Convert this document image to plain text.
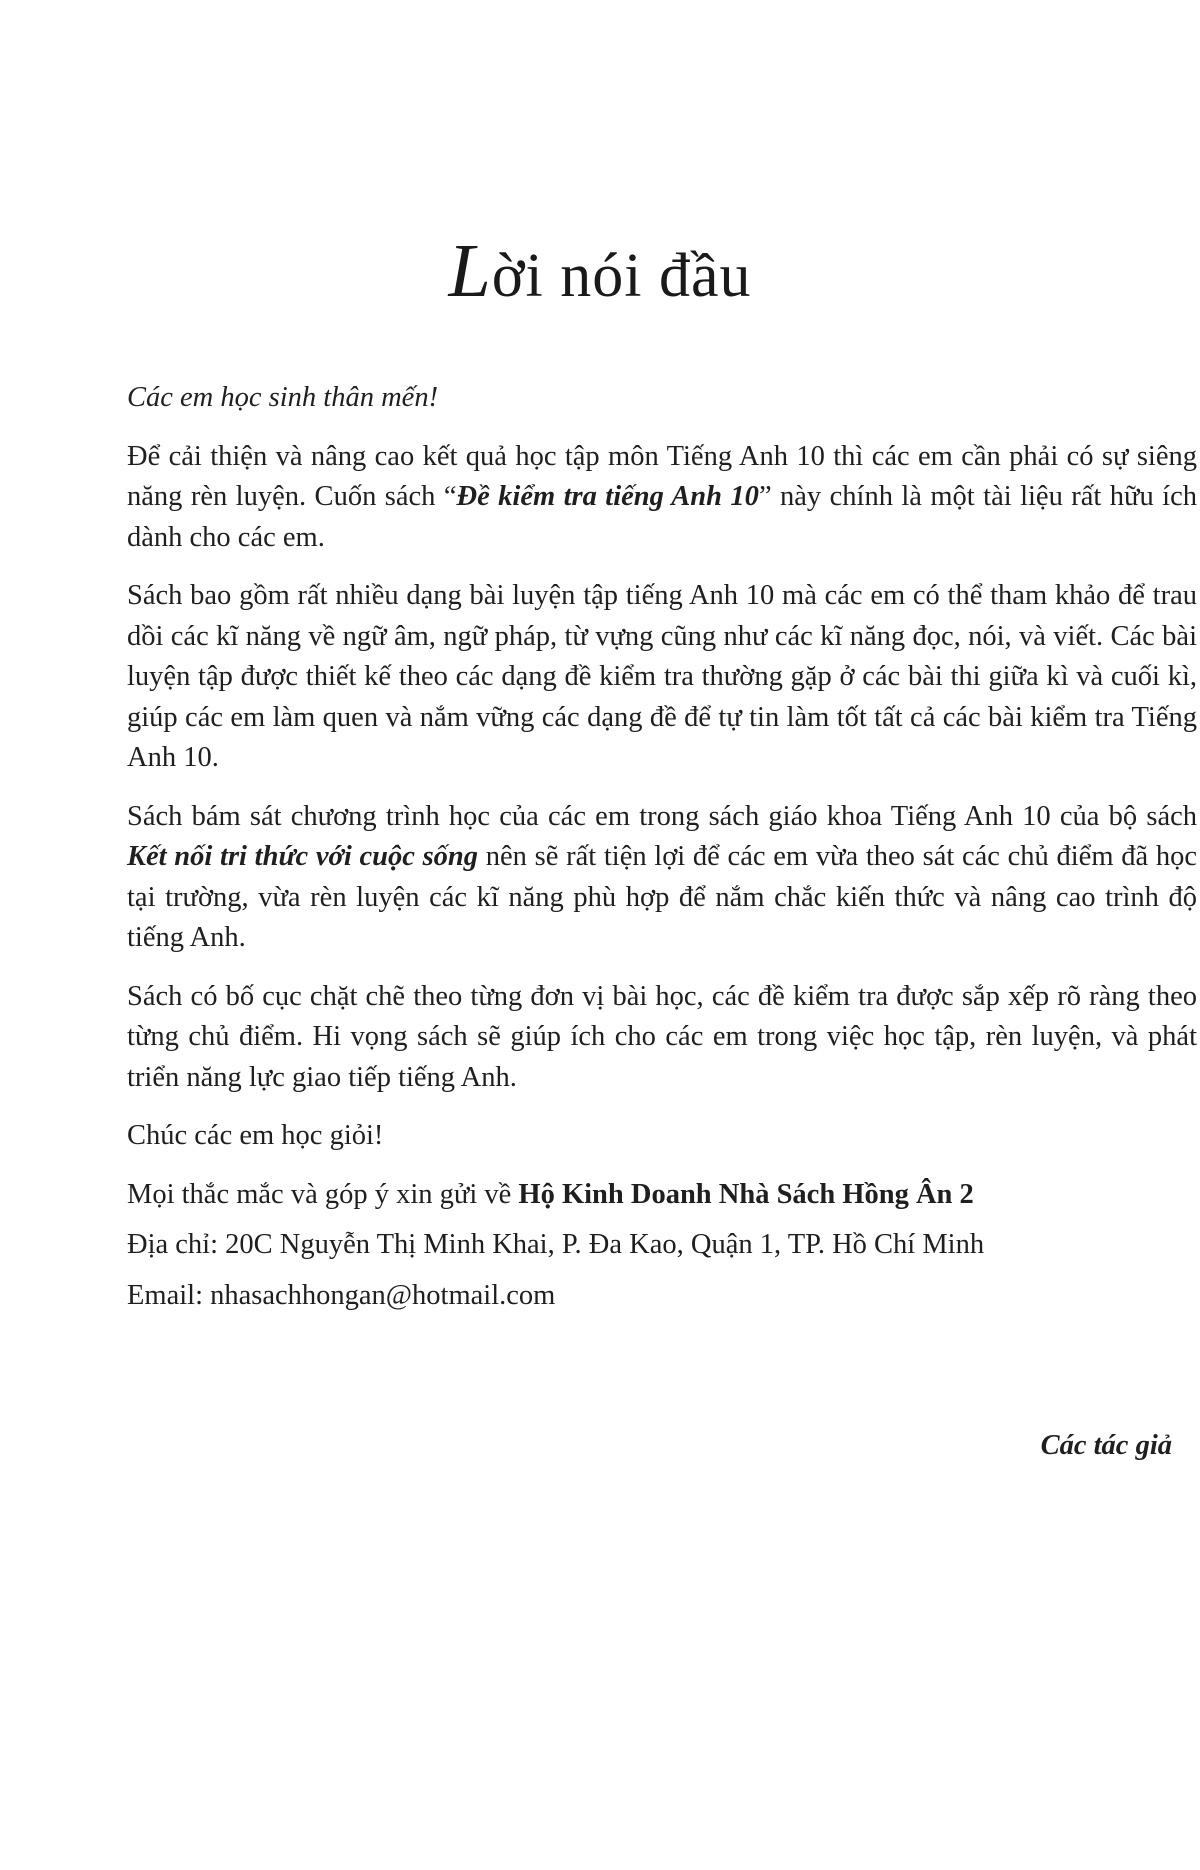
Lời nói đầu

Các em học sinh thân mến!

Để cải thiện và nâng cao kết quả học tập môn Tiếng Anh 10 thì các em cần phải có sự siêng năng rèn luyện. Cuốn sách “Đề kiểm tra tiếng Anh 10” này chính là một tài liệu rất hữu ích dành cho các em.

Sách bao gồm rất nhiều dạng bài luyện tập tiếng Anh 10 mà các em có thể tham khảo để trau dồi các kĩ năng về ngữ âm, ngữ pháp, từ vựng cũng như các kĩ năng đọc, nói, và viết. Các bài luyện tập được thiết kế theo các dạng đề kiểm tra thường gặp ở các bài thi giữa kì và cuối kì, giúp các em làm quen và nắm vững các dạng đề để tự tin làm tốt tất cả các bài kiểm tra Tiếng Anh 10.

Sách bám sát chương trình học của các em trong sách giáo khoa Tiếng Anh 10 của bộ sách Kết nối tri thức với cuộc sống nên sẽ rất tiện lợi để các em vừa theo sát các chủ điểm đã học tại trường, vừa rèn luyện các kĩ năng phù hợp để nắm chắc kiến thức và nâng cao trình độ tiếng Anh.

Sách có bố cục chặt chẽ theo từng đơn vị bài học, các đề kiểm tra được sắp xếp rõ ràng theo từng chủ điểm. Hi vọng sách sẽ giúp ích cho các em trong việc học tập, rèn luyện, và phát triển năng lực giao tiếp tiếng Anh.

Chúc các em học giỏi!

Mọi thắc mắc và góp ý xin gửi về Hộ Kinh Doanh Nhà Sách Hồng Ân 2

Địa chỉ: 20C Nguyễn Thị Minh Khai, P. Đa Kao, Quận 1, TP. Hồ Chí Minh

Email: nhasachhongan@hotmail.com

Các tác giả
